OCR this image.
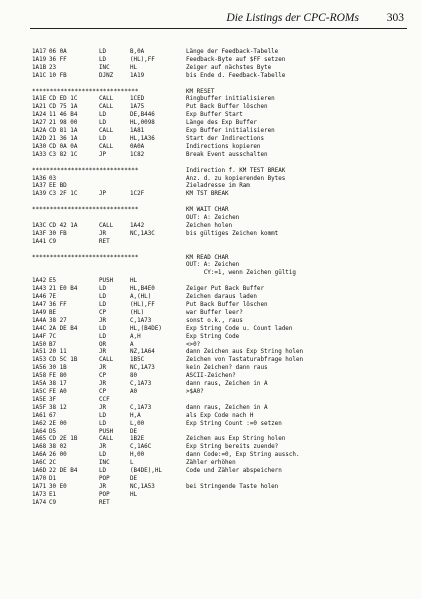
Die Listings der CPC-ROMs 303
1A17 06 0A	LD	B,0A	Länge der Feedback-Tabelle
1A19 36 FF	LD	(HL),FF	Feedback-Byte auf $FF setzen
1A1B 23	INC	HL	Zeiger auf nächstes Byte
1A1C 10 FB	DJNZ	1A19	bis Ende d. Feedback-Tabelle
******************************	KM RESET
1A1E CD ED 1C	CALL	1CED	Ringbuffer initialisieren
1A21 CD 75 1A	CALL	1A75	Put Back Buffer löschen
1A24 11 46 B4	LD	DE,B446	Exp Buffer Start
1A27 21 98 00	LD	HL,0098	Länge des Exp Buffer
1A2A CD 81 1A	CALL	1A81	Exp Buffer initialisieren
1A2D 21 36 1A	LD	HL,1A36	Start der Indirections
1A30 CD 0A 0A	CALL	0A0A	Indirections kopieren
1A33 C3 82 1C	JP	1C82	Break Event ausschalten
******************************	Indirection f. KM TEST BREAK
1A36 03	Anz. d. zu kopierenden Bytes
1A37 EE BD	Zieladresse im Ram
1A39 C3 2F 1C	JP	1C2F	KM TST BREAK
******************************	KM WAIT CHAR
OUT: A: Zeichen
1A3C CD 42 1A	CALL	1A42	Zeichen holen
1A3F 30 FB	JR	NC,1A3C	bis gültiges Zeichen kommt
1A41 C9	RET
******************************	KM READ CHAR
OUT: A: Zeichen
CY:=1, wenn Zeichen gültig
1A42 E5	PUSH	HL
1A43 21 E0 B4	LD	HL,B4E0	Zeiger Put Back Buffer
1A46 7E	LD	A,(HL)	Zeichen daraus laden
1A47 36 FF	LD	(HL),FF	Put Back Buffer löschen
1A49 BE	CP	(HL)	war Buffer leer?
1A4A 38 27	JR	C,1A73	sonst o.k., raus
1A4C 2A DE B4	LD	HL,(B4DE)	Exp String Code u. Count laden
1A4F 7C	LD	A,H	Exp String Code
1A50 B7	OR	A	<>0?
1A51 20 11	JR	NZ,1A64	dann Zeichen aus Exp String holen
1A53 CD 5C 1B	CALL	1B5C	Zeichen von Tastaturabfrage holen
1A56 30 1B	JR	NC,1A73	kein Zeichen? dann raus
1A58 FE 80	CP	80	ASCII-Zeichen?
1A5A 38 17	JR	C,1A73	dann raus, Zeichen in A
1A5C FE A0	CP	A0	>$A0?
1A5E 3F	CCF
1A5F 38 12	JR	C,1A73	dann raus, Zeichen in A
1A61 67	LD	H,A	als Exp Code nach H
1A62 2E 00	LD	L,00	Exp String Count :=0 setzen
1A64 D5	PUSH	DE
1A65 CD 2E 1B	CALL	1B2E	Zeichen aus Exp String holen
1A68 38 02	JR	C,1A6C	Exp String bereits zuende?
1A6A 26 00	LD	H,00	dann Code:=0, Exp String aussch.
1A6C 2C	INC	L	Zähler erhöhen
1A6D 22 DE B4	LD	(B4DE),HL	Code und Zähler abspeichern
1A70 D1	POP	DE
1A71 30 E0	JR	NC,1A53	bei Stringende Taste holen
1A73 E1	POP	HL
1A74 C9	RET
